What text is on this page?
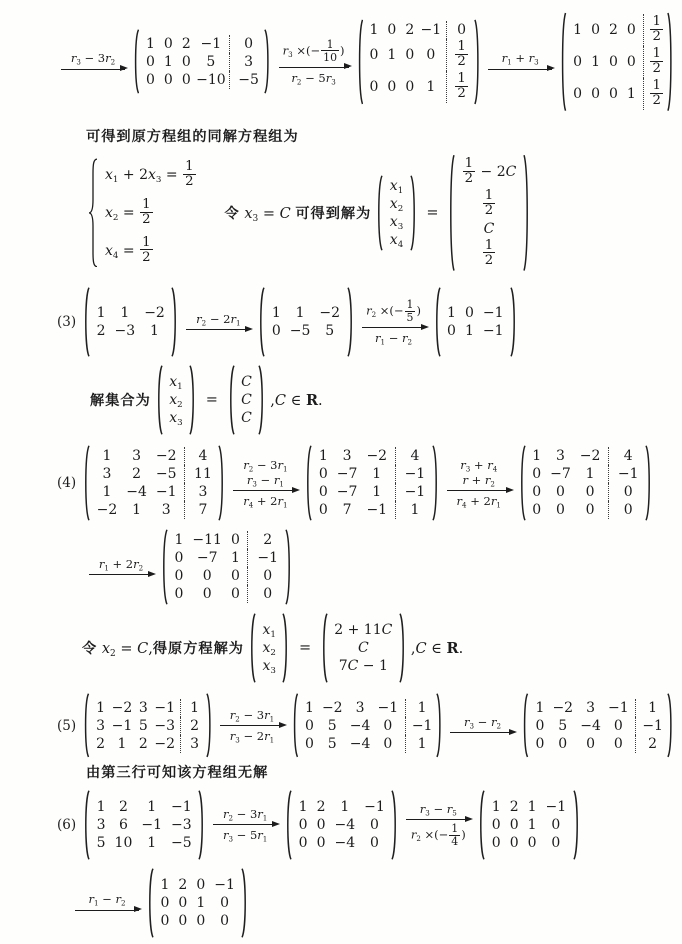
$r_3 - 3r_2$
1 0 2 −1 0
0 1 0 5 3
0 0 0 −10 −5
$r_3$ ×(− $\frac{1}{10}$ )
$r_2 - 5r_3$
1 0 2 −1 0
0 1 0 $0 \frac{1}{2}$
0 0 0 $1 \frac{1}{2}$
$r_1 + r_3$
1 0 2 $0 \frac{1}{2}$
0 1 0 $0 \frac{1}{2}$
0 0 0 $1 \frac{1}{2}$
可得到原方程组的同解方程组为
$x_1 + 2x_3 = \frac{1}{2}$
$x_2 = \frac{1}{2}$
$x_4 = \frac{1}{2}$
令 $x_3 = C$ 可得到解为
$x_1$
$x_2$
$x_3$
$x_4$
=
$\frac{1}{2} - 2C$
$\frac{1}{2}$
C
$\frac{1}{2}$
(3)
1 1 −2
2 −3 1
$r_2 - 2r_1$
1 1 −2
0 −5 5
$r_2$ ×(− $\frac{1}{5}$ )
$r_1 - r_2$
1 0 −1
0 1 −1
解集合为
$x_1$
$x_2$
$x_3$
=
C
C
C
,C ∈ R.
(4)
1 3 −2 4
3 2 −5 11
1 −4 −1 3
−2 1 3 7
$r_2 - 3r_1$
$r_3 - r_1$
$r_4 + 2r_1$
1 3 −2 4
0 −7 1 −1
0 −7 1 −1
0 7 −1 1
$r_3 + r_4$
$r + r_2$
$r_4 + 2r_1$
1 3 −2 4
0 −7 1 −1
0 0 0 0
0 0 0 0
$r_1 + 2r_2$
1 −11 0 2
0 −7 1 −1
0 0 0 0
0 0 0 0
令 $x_2 = C$,得原方程解为
$x_1$
$x_2$
$x_3$
=
2 + 11C
C
7C − 1
,C ∈ R.
(5)
1 −2 3 −1 1
3 −1 5 −3 2
2 1 2 −2 3
$r_2 - 3r_1$
$r_3 - 2r_1$
1 −2 3 −1 1
0 5 −4 0 −1
0 5 −4 0 1
$r_3 - r_2$
1 −2 3 −1 1
0 5 −4 0 −1
0 0 0 0 2
由第三行可知该方程组无解
(6)
1 2 1 −1
3 6 −1 −3
5 10 1 −5
$r_2 - 3r_1$
$r_3 - 5r_1$
1 2 1 −1
0 0 −4 0
0 0 −4 0
$r_3 - r_5$
$r_2$ ×(− $\frac{1}{4}$ )
1 2 1 −1
0 0 1 0
0 0 0 0
$r_1 - r_2$
1 2 0 −1
0 0 1 0
0 0 0 0
